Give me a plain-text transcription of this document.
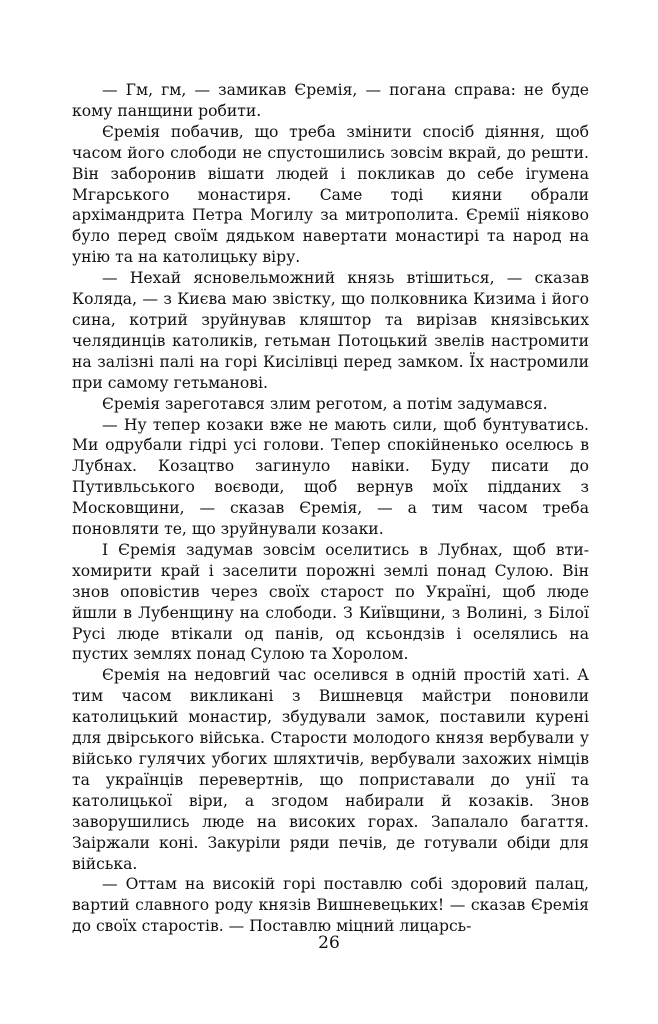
— Гм, гм, — замикав Єремія, — погана справа: не буде кому панщини робити.

Єремія побачив, що треба змінити спосіб діяння, щоб часом його слободи не спустошились зовсім вкрай, до решти. Він заборонив вішати людей і покликав до себе ігумена Мгарського монастиря. Саме тоді кияни обрали архімандрита Петра Могилу за митрополита. Єремії ніяково було перед своїм дядьком навертати монастирі та народ на унію та на католицьку віру.

— Нехай ясновельможний князь втішиться, — сказав Коляда, — з Києва маю звістку, що полковника Кизима і його сина, котрий зруйнував кляштор та вирізав князівських челядинців католиків, гетьман Потоцький звелів настромити на залізні палі на горі Кисілівці перед замком. Їх настромили при самому гетьманові.

Єремія зареготався злим реготом, а потім задумався.

— Ну тепер козаки вже не мають сили, щоб бунтуватись. Ми одрубали гідрі усі голови. Тепер спокійненько оселюсь в Лубнах. Козацтво загинуло навіки. Буду писати до Путивльського воєводи, щоб вернув моїх підданих з Московщини, — сказав Єремія, — а тим часом треба поновляти те, що зруйнували козаки.

І Єремія задумав зовсім оселитись в Лубнах, щоб втихомирити край і заселити порожні землі понад Сулою. Він знов оповістив через своїх старост по Україні, щоб люде йшли в Лубенщину на слободи. З Київщини, з Волині, з Білої Русі люде втікали од панів, од ксьондзів і оселялись на пустих землях понад Сулою та Хоролом.

Єремія на недовгий час оселився в одній простій хаті. А тим часом викликані з Вишневця майстри поновили католицький монастир, збудували замок, поставили курені для двірського війська. Старости молодого князя вербували у військо гулячих убогих шляхтичів, вербували захожих німців та українців перевертнів, що поприставали до унії та католицької віри, а згодом набирали й козаків. Знов заворушились люде на високих горах. Запалало багаття. Заіржали коні. Закуріли ряди печів, де готували обіди для війська.

— Оттам на високій горі поставлю собі здоровий палац, вартий славного роду князів Вишневецьких! — сказав Єремія до своїх старостів. — Поставлю міцний лицарсь-

26
